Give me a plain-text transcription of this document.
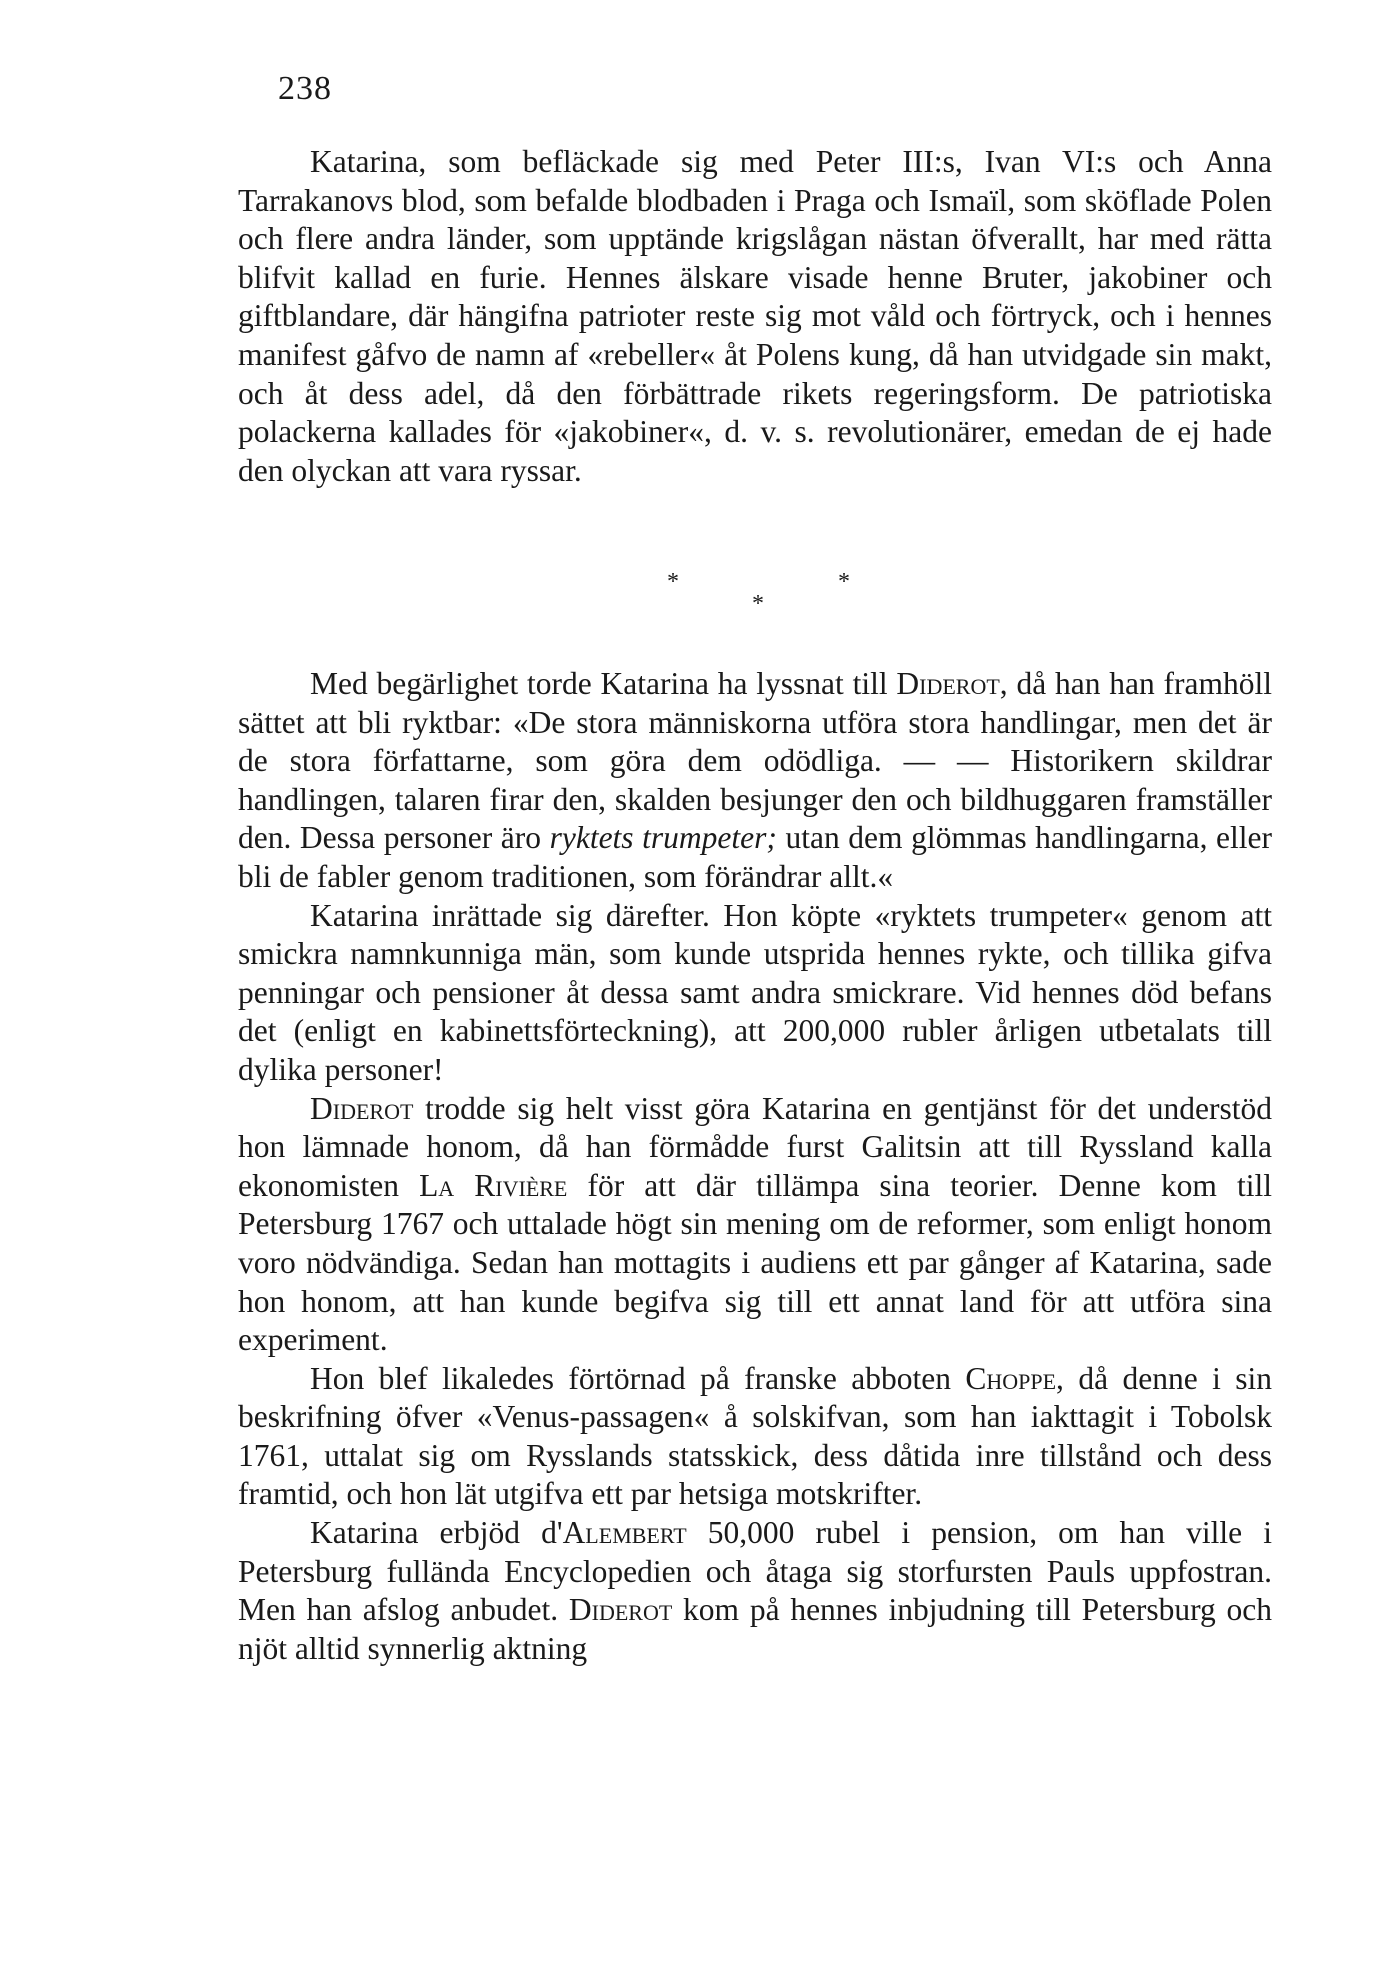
238

Katarina, som befläckade sig med Peter III:s, Ivan VI:s och Anna Tarrakanovs blod, som befalde blodbaden i Praga och Ismaïl, som sköflade Polen och flere andra länder, som upptände krigslågan nästan öfverallt, har med rätta blifvit kallad en furie. Hennes älskare visade henne Bruter, jakobiner och giftblandare, där hängifna patrioter reste sig mot våld och förtryck, och i hennes manifest gåfvo de namn af «rebeller« åt Polens kung, då han utvidgade sin makt, och åt dess adel, då den förbättrade rikets regeringsform. De patriotiska polackerna kallades för «jakobiner«, d. v. s. revolutionärer, emedan de ej hade den olyckan att vara ryssar.

*	*
*

Med begärlighet torde Katarina ha lyssnat till Diderot, då han han framhöll sättet att bli ryktbar: «De stora människorna utföra stora handlingar, men det är de stora författarne, som göra dem odödliga. — — Historikern skildrar handlingen, talaren firar den, skalden besjunger den och bildhuggaren framställer den. Dessa personer äro ryktets trumpeter; utan dem glömmas handlingarna, eller bli de fabler genom traditionen, som förändrar allt.«

Katarina inrättade sig därefter. Hon köpte «ryktets trumpeter« genom att smickra namnkunniga män, som kunde utsprida hennes rykte, och tillika gifva penningar och pensioner åt dessa samt andra smickrare. Vid hennes död befans det (enligt en kabinettsförteckning), att 200,000 rubler årligen utbetalats till dylika personer!

Diderot trodde sig helt visst göra Katarina en gentjänst för det understöd hon lämnade honom, då han förmådde furst Galitsin att till Ryssland kalla ekonomisten La Rivière för att där tillämpa sina teorier. Denne kom till Petersburg 1767 och uttalade högt sin mening om de reformer, som enligt honom voro nödvändiga. Sedan han mottagits i audiens ett par gånger af Katarina, sade hon honom, att han kunde begifva sig till ett annat land för att utföra sina experiment.

Hon blef likaledes förtörnad på franske abboten Choppe, då denne i sin beskrifning öfver «Venus-passagen« å solskifvan, som han iakttagit i Tobolsk 1761, uttalat sig om Rysslands statsskick, dess dåtida inre tillstånd och dess framtid, och hon lät utgifva ett par hetsiga motskrifter.

Katarina erbjöd d'Alembert 50,000 rubel i pension, om han ville i Petersburg fullända Encyclopedien och åtaga sig storfursten Pauls uppfostran. Men han afslog anbudet. Diderot kom på hennes inbjudning till Petersburg och njöt alltid synnerlig aktning
